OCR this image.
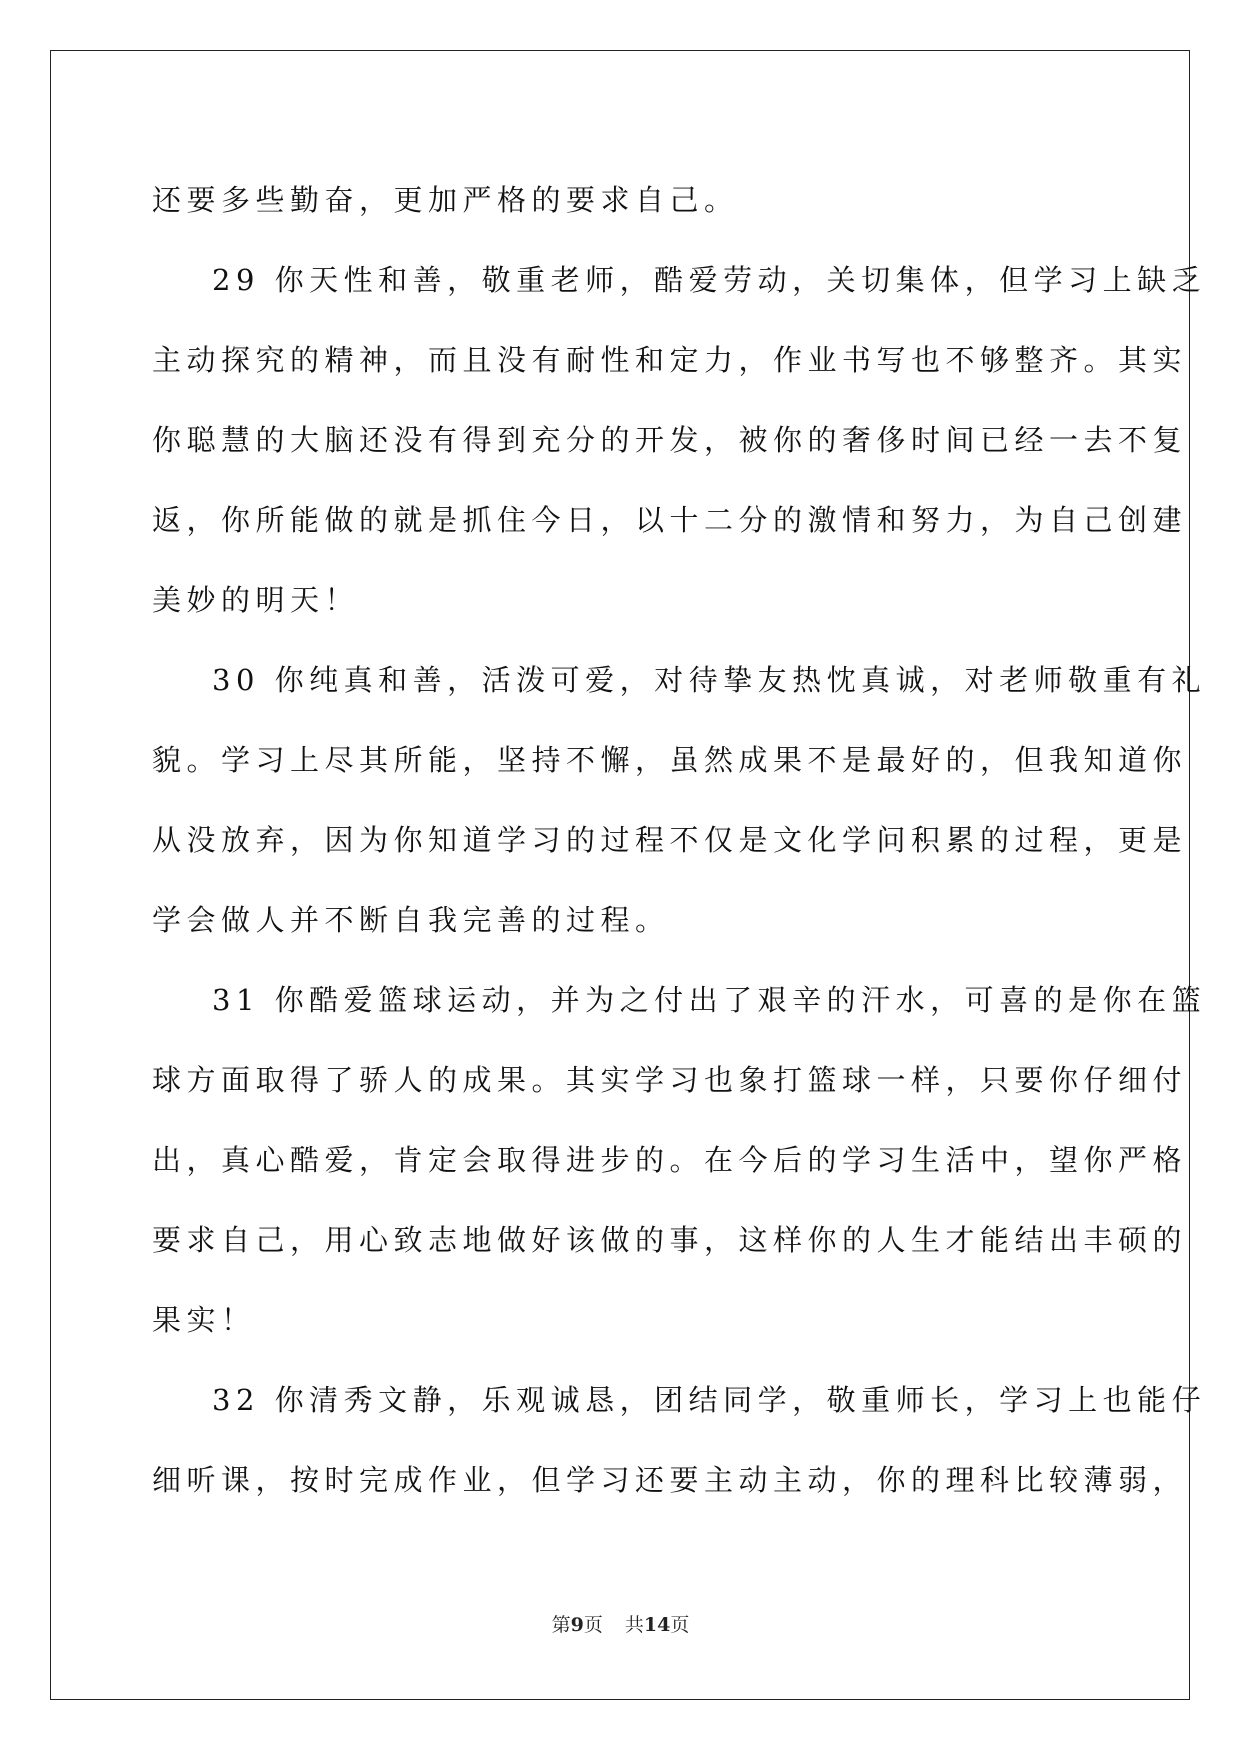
还要多些勤奋，更加严格的要求自己。
29 你天性和善，敬重老师，酷爱劳动，关切集体，但学习上缺乏
主动探究的精神，而且没有耐性和定力，作业书写也不够整齐。其实
你聪慧的大脑还没有得到充分的开发，被你的奢侈时间已经一去不复
返，你所能做的就是抓住今日，以十二分的激情和努力，为自己创建
美妙的明天！
30 你纯真和善，活泼可爱，对待挚友热忱真诚，对老师敬重有礼
貌。学习上尽其所能，坚持不懈，虽然成果不是最好的，但我知道你
从没放弃，因为你知道学习的过程不仅是文化学问积累的过程，更是
学会做人并不断自我完善的过程。
31 你酷爱篮球运动，并为之付出了艰辛的汗水，可喜的是你在篮
球方面取得了骄人的成果。其实学习也象打篮球一样，只要你仔细付
出，真心酷爱，肯定会取得进步的。在今后的学习生活中，望你严格
要求自己，用心致志地做好该做的事，这样你的人生才能结出丰硕的
果实！
32 你清秀文静，乐观诚恳，团结同学，敬重师长，学习上也能仔
细听课，按时完成作业，但学习还要主动主动，你的理科比较薄弱，
第9页 共14页
